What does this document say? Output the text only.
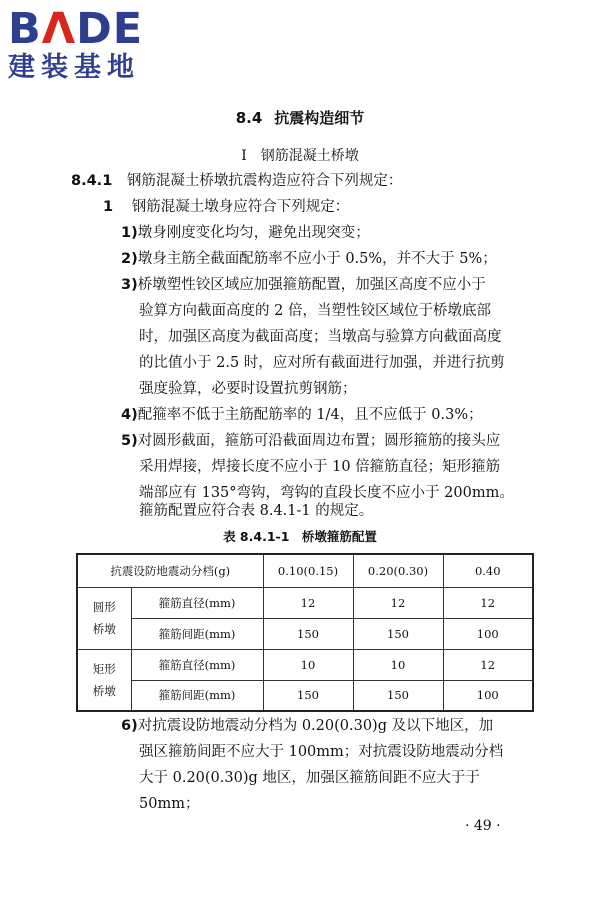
BΛDE
建装基地
8.4 抗震构造细节
Ⅰ 钢筋混凝土桥墩
8.4.1 钢筋混凝土桥墩抗震构造应符合下列规定：
1 钢筋混凝土墩身应符合下列规定：
1)墩身刚度变化均匀，避免出现突变；
2)墩身主筋全截面配筋率不应小于 0.5%，并不大于 5%；
3)桥墩塑性铰区域应加强箍筋配置，加强区高度不应小于
验算方向截面高度的 2 倍，当塑性铰区域位于桥墩底部
时，加强区高度为截面高度；当墩高与验算方向截面高度
的比值小于 2.5 时，应对所有截面进行加强，并进行抗剪
强度验算，必要时设置抗剪钢筋；
4)配箍率不低于主筋配筋率的 1/4，且不应低于 0.3%；
5)对圆形截面，箍筋可沿截面周边布置；圆形箍筋的接头应
采用焊接，焊接长度不应小于 10 倍箍筋直径；矩形箍筋
端部应有 135°弯钩，弯钩的直段长度不应小于 200mm。
箍筋配置应符合表 8.4.1-1 的规定。
表 8.4.1-1　桥墩箍筋配置
抗震设防地震动分档(g)		0.10(0.15)	0.20(0.30)	0.40

圆形
桥墩	箍筋直径(mm)	12	12	12
	箍筋间距(mm)	150	150	100

矩形
桥墩	箍筋直径(mm)	10	10	12
	箍筋间距(mm)	150	150	100
6)对抗震设防地震动分档为 0.20(0.30)g 及以下地区，加
强区箍筋间距不应大于 100mm；对抗震设防地震动分档
大于 0.20(0.30)g 地区，加强区箍筋间距不应大于于
50mm；
· 49 ·
